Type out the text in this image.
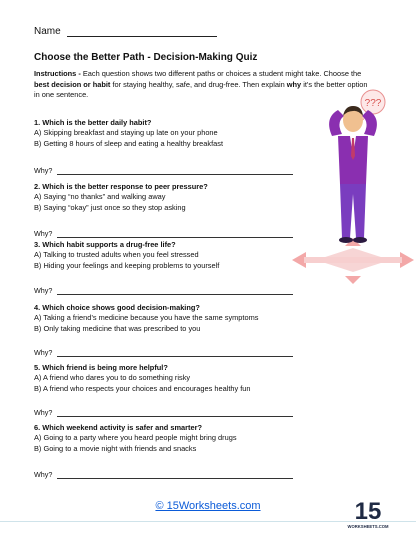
Name
Choose the Better Path - Decision-Making Quiz
Instructions - Each question shows two different paths or choices a student might take. Choose the best decision or habit for staying healthy, safe, and drug-free. Then explain why it's the better option in one sentence.
1. Which is the better daily habit?
A) Skipping breakfast and staying up late on your phone
B) Getting 8 hours of sleep and eating a healthy breakfast
Why?
2. Which is the better response to peer pressure?
A) Saying “no thanks” and walking away
B) Saying “okay” just once so they stop asking
Why?
3. Which habit supports a drug-free life?
A) Talking to trusted adults when you feel stressed
B) Hiding your feelings and keeping problems to yourself
Why?
4. Which choice shows good decision-making?
A) Taking a friend’s medicine because you have the same symptoms
B) Only taking medicine that was prescribed to you
Why?
5. Which friend is being more helpful?
A) A friend who dares you to do something risky
B) A friend who respects your choices and encourages healthy fun
Why?
6. Which weekend activity is safer and smarter?
A) Going to a party where you heard people might bring drugs
B) Going to a movie night with friends and snacks
Why?
???
© 15Worksheets.com	15
WORKSHEETS.COM
